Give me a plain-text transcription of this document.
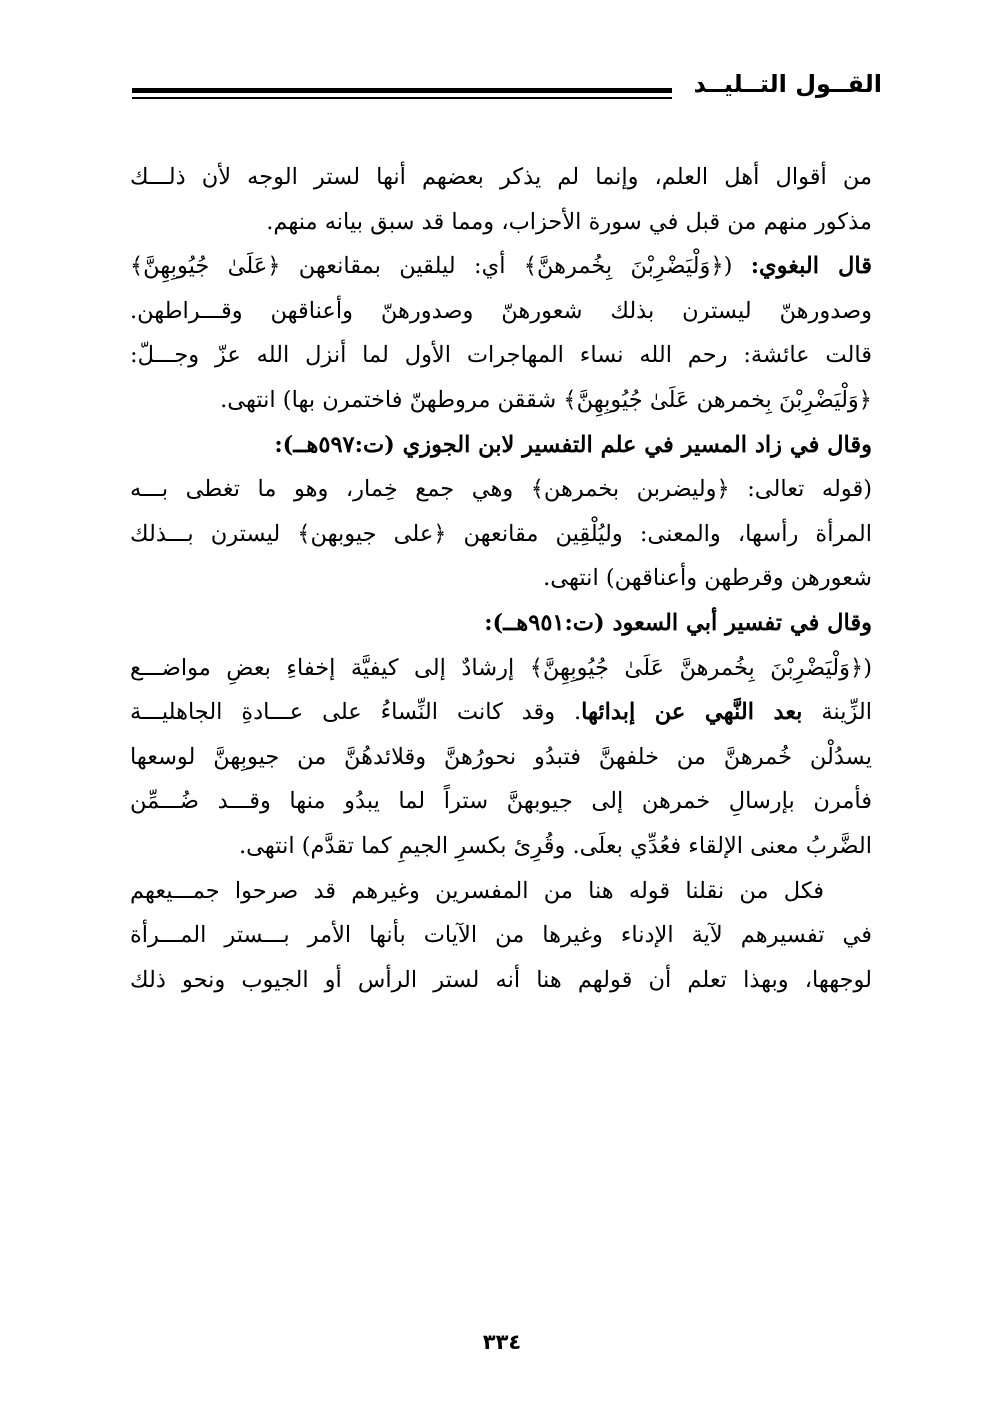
القــول التــليــد
من أقوال أهل العلم، وإنما لم يذكر بعضهم أنها لستر الوجه لأن ذلـــك
مذكور منهم من قبل في سورة الأحزاب، ومما قد سبق بيانه منهم.
قال البغوي: (﴿وَلْيَضْرِبْنَ بِخُمرهنَّ﴾ أي: ليلقين بمقانعهن ﴿عَلَىٰ جُيُوبِهِنَّ﴾
وصدورهنّ ليسترن بذلك شعورهنّ وصدورهنّ وأعناقهن وقـــراطهن.
قالت عائشة: رحم الله نساء المهاجرات الأول لما أنزل الله عزّ وجـــلّ:
﴿وَلْيَضْرِبْنَ بِخمرهن عَلَىٰ جُيُوبِهِنَّ﴾ شققن مروطهنّ فاختمرن بها) انتهى.
وقال في زاد المسير في علم التفسير لابن الجوزي (ت:٥٩٧هــ):
(قوله تعالى: ﴿وليضربن بخمرهن﴾ وهي جمع خِمار، وهو ما تغطى بـــه
المرأة رأسها، والمعنى: وليُلْقِين مقانعهن ﴿على جيوبهن﴾ ليسترن بـــذلك
شعورهن وقرطهن وأعناقهن) انتهى.
وقال في تفسير أبي السعود (ت:٩٥١هــ):
(﴿وَلْيَضْرِبْنَ بِخُمرهنَّ عَلَىٰ جُيُوبِهِنَّ﴾ إرشادٌ إلى كيفيَّة إخفاءِ بعضِ مواضـــع
الزِّينة بعد النَّهي عن إبدائها. وقد كانت النِّساءُ على عـــادةِ الجاهليـــة
يسدُلْن خُمرهنَّ من خلفهنَّ فتبدُو نحورُهنَّ وقلائدهُنَّ من جيوبِهنَّ لوسعها
فأمرن بإرسالِ خمرهن إلى جيوبهنَّ ستراً لما يبدُو منها وقـــد ضُـــمِّن
الضَّربُ معنى الإلقاء فعُدِّي بعلَى. وقُرِئ بكسرِ الجيمِ كما تقدَّم) انتهى.
فكل من نقلنا قوله هنا من المفسرين وغيرهم قد صرحوا جمـــيعهم
في تفسيرهم لآية الإدناء وغيرها من الآيات بأنها الأمر بـــستر المـــرأة
لوجهها، وبهذا تعلم أن قولهم هنا أنه لستر الرأس أو الجيوب ونحو ذلك
٣٣٤
